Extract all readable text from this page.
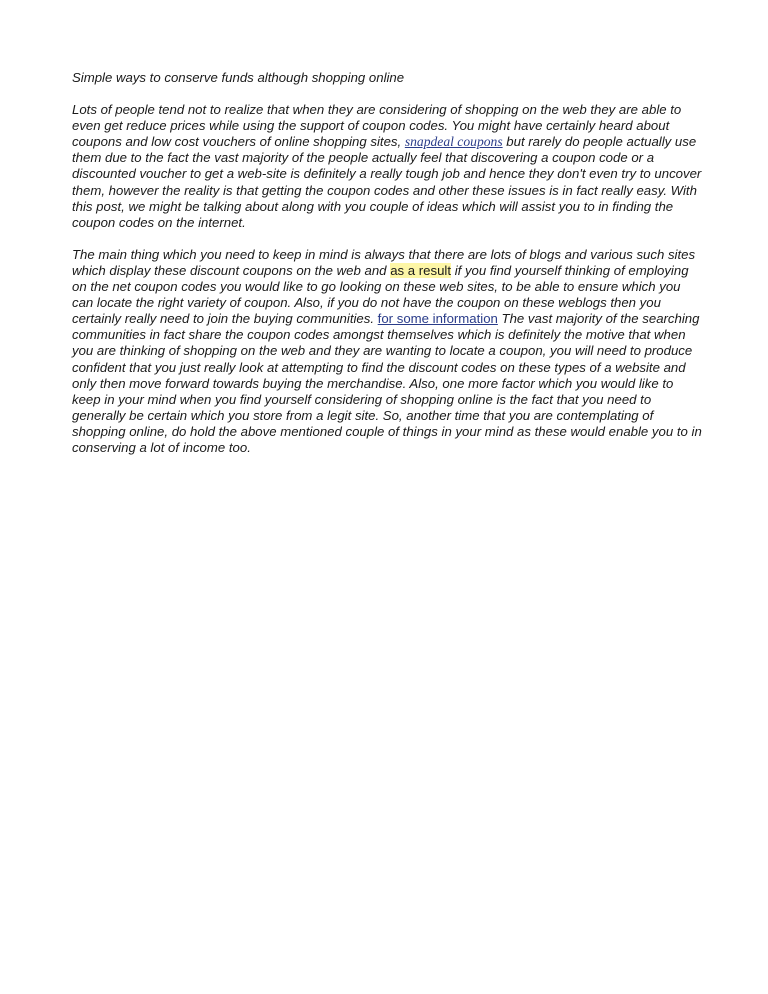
Simple ways to conserve funds although shopping online

Lots of people tend not to realize that when they are considering of shopping on the web they are able to even get reduce prices while using the support of coupon codes. You might have certainly heard about coupons and low cost vouchers of online shopping sites, snapdeal coupons but rarely do people actually use them due to the fact the vast majority of the people actually feel that discovering a coupon code or a discounted voucher to get a web-site is definitely a really tough job and hence they don't even try to uncover them, however the reality is that getting the coupon codes and other these issues is in fact really easy. With this post, we might be talking about along with you couple of ideas which will assist you to in finding the coupon codes on the internet.

The main thing which you need to keep in mind is always that there are lots of blogs and various such sites which display these discount coupons on the web and as a result if you find yourself thinking of employing on the net coupon codes you would like to go looking on these web sites, to be able to ensure which you can locate the right variety of coupon. Also, if you do not have the coupon on these weblogs then you certainly really need to join the buying communities. for some information The vast majority of the searching communities in fact share the coupon codes amongst themselves which is definitely the motive that when you are thinking of shopping on the web and they are wanting to locate a coupon, you will need to produce confident that you just really look at attempting to find the discount codes on these types of a website and only then move forward towards buying the merchandise. Also, one more factor which you would like to keep in your mind when you find yourself considering of shopping online is the fact that you need to generally be certain which you store from a legit site. So, another time that you are contemplating of shopping online, do hold the above mentioned couple of things in your mind as these would enable you to in conserving a lot of income too.
